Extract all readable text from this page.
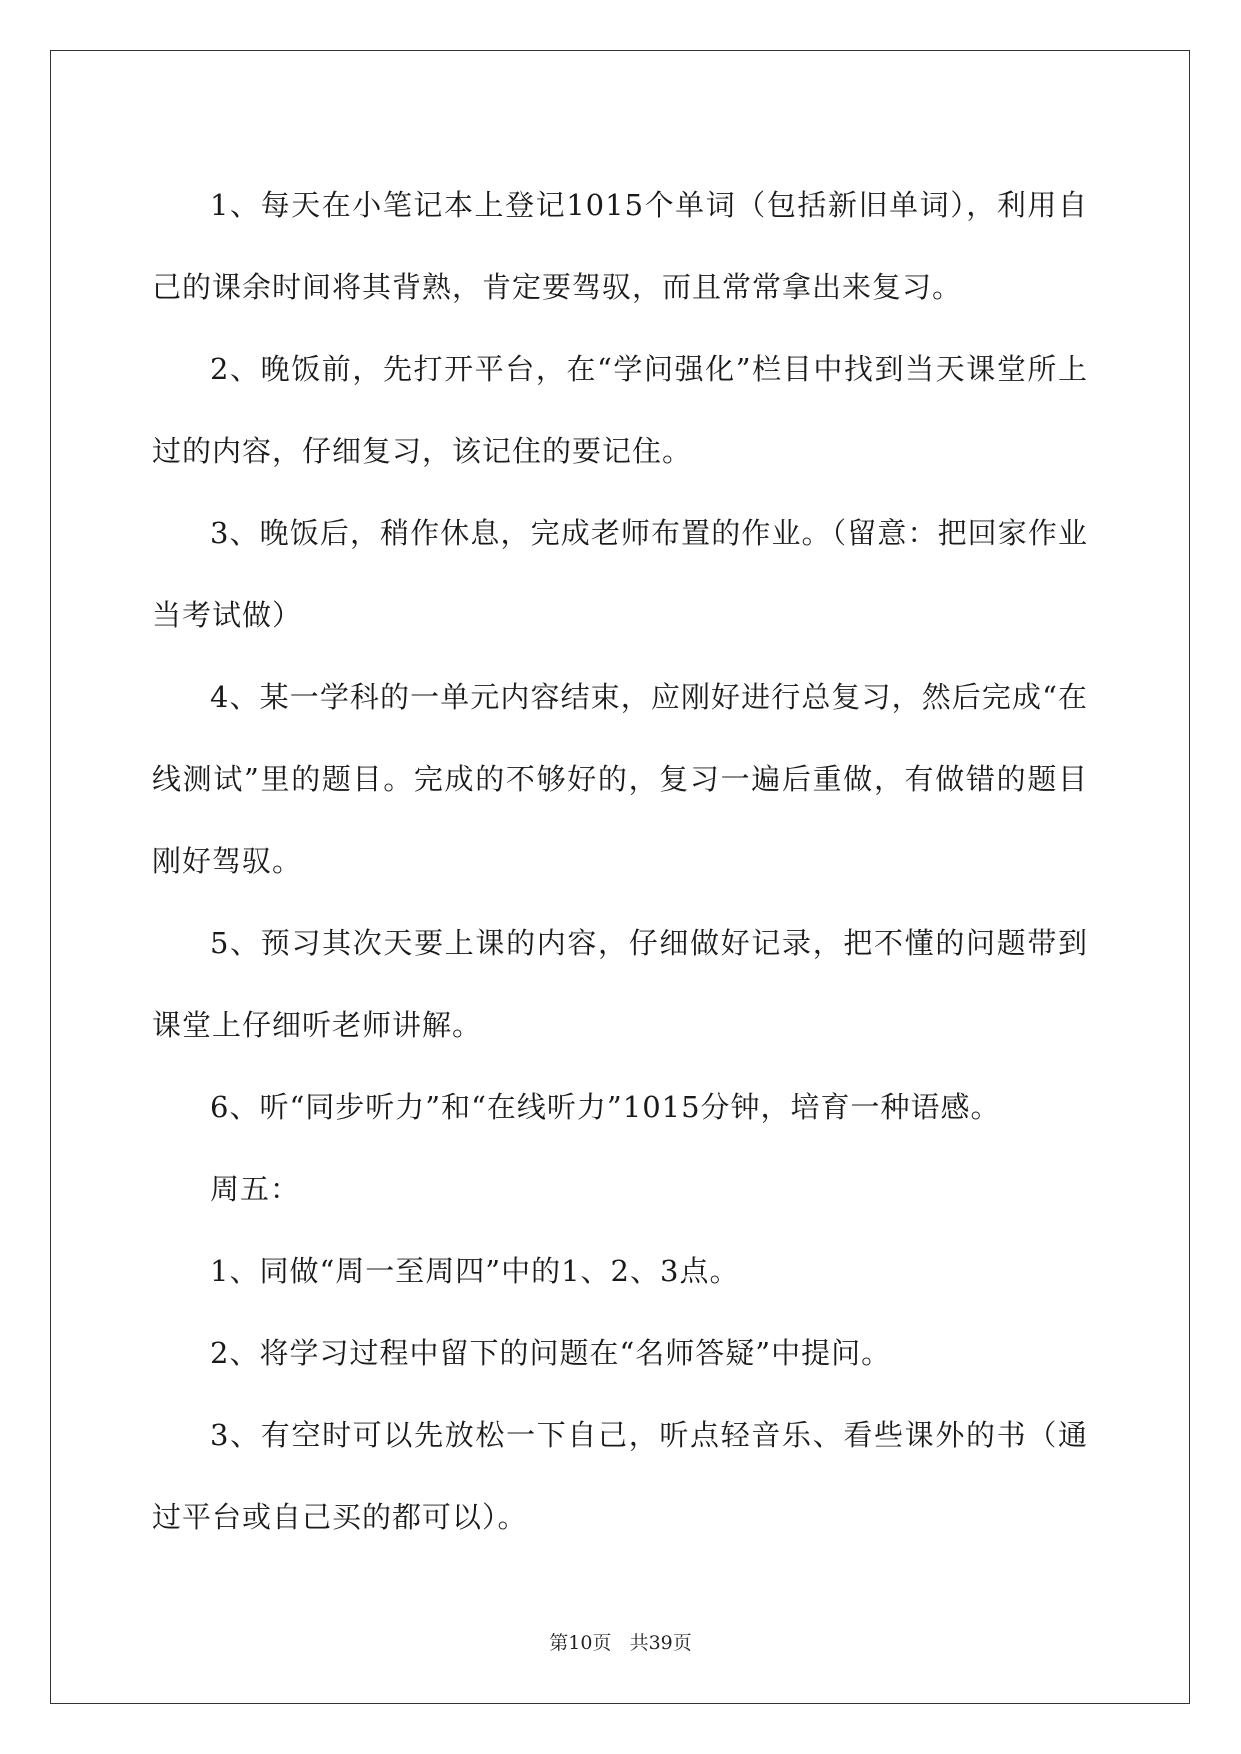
1、每天在小笔记本上登记1015个单词（包括新旧单词），利用自己的课余时间将其背熟，肯定要驾驭，而且常常拿出来复习。

2、晚饭前，先打开平台，在“学问强化”栏目中找到当天课堂所上过的内容，仔细复习，该记住的要记住。

3、晚饭后，稍作休息，完成老师布置的作业。（留意：把回家作业当考试做）

4、某一学科的一单元内容结束，应刚好进行总复习，然后完成“在线测试”里的题目。完成的不够好的，复习一遍后重做，有做错的题目刚好驾驭。

5、预习其次天要上课的内容，仔细做好记录，把不懂的问题带到课堂上仔细听老师讲解。

6、听“同步听力”和“在线听力”1015分钟，培育一种语感。

周五：

1、同做“周一至周四”中的1、2、3点。

2、将学习过程中留下的问题在“名师答疑”中提问。

3、有空时可以先放松一下自己，听点轻音乐、看些课外的书（通过平台或自己买的都可以）。

第10页 共39页
